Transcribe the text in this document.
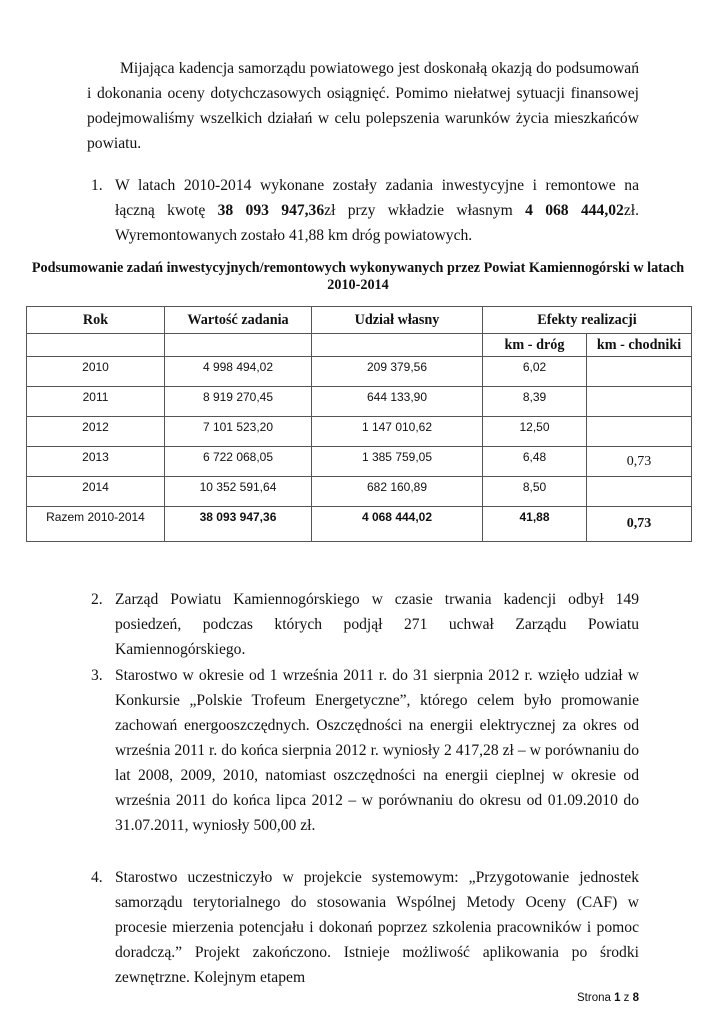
Mijająca kadencja samorządu powiatowego jest doskonałą okazją do podsumowań i dokonania oceny dotychczasowych osiągnięć. Pomimo niełatwej sytuacji finansowej podejmowaliśmy wszelkich działań w celu polepszenia warunków życia mieszkańców powiatu.

1. W latach 2010-2014 wykonane zostały zadania inwestycyjne i remontowe na łączną kwotę 38 093 947,36zł przy wkładzie własnym 4 068 444,02zł. Wyremontowanych zostało 41,88 km dróg powiatowych.
Podsumowanie zadań inwestycyjnych/remontowych wykonywanych przez Powiat Kamiennogórski w latach 2010-2014
Rok	Wartość zadania	Udział własny	Efekty realizacji	
			km - dróg	km - chodniki
2010	4 998 494,02	209 379,56	6,02	
2011	8 919 270,45	644 133,90	8,39	
2012	7 101 523,20	1 147 010,62	12,50	
2013	6 722 068,05	1 385 759,05	6,48	0,73
2014	10 352 591,64	682 160,89	8,50	
Razem 2010-2014	38 093 947,36	4 068 444,02	41,88	0,73
2. Zarząd Powiatu Kamiennogórskiego w czasie trwania kadencji odbył 149 posiedzeń, podczas których podjął 271 uchwał Zarządu Powiatu Kamiennogórskiego.
3. Starostwo w okresie od 1 września 2011 r. do 31 sierpnia 2012 r. wzięło udział w Konkursie „Polskie Trofeum Energetyczne”, którego celem było promowanie zachowań energooszczędnych. Oszczędności na energii elektrycznej za okres od września 2011 r. do końca sierpnia 2012 r. wyniosły 2 417,28 zł – w porównaniu do lat 2008, 2009, 2010, natomiast oszczędności na energii cieplnej w okresie od września 2011 do końca lipca 2012 – w porównaniu do okresu od 01.09.2010 do 31.07.2011, wyniosły 500,00 zł.
4. Starostwo uczestniczyło w projekcie systemowym: „Przygotowanie jednostek samorządu terytorialnego do stosowania Wspólnej Metody Oceny (CAF) w procesie mierzenia potencjału i dokonań poprzez szkolenia pracowników i pomoc doradczą.” Projekt zakończono. Istnieje możliwość aplikowania po środki zewnętrzne. Kolejnym etapem
Strona 1 z 8
